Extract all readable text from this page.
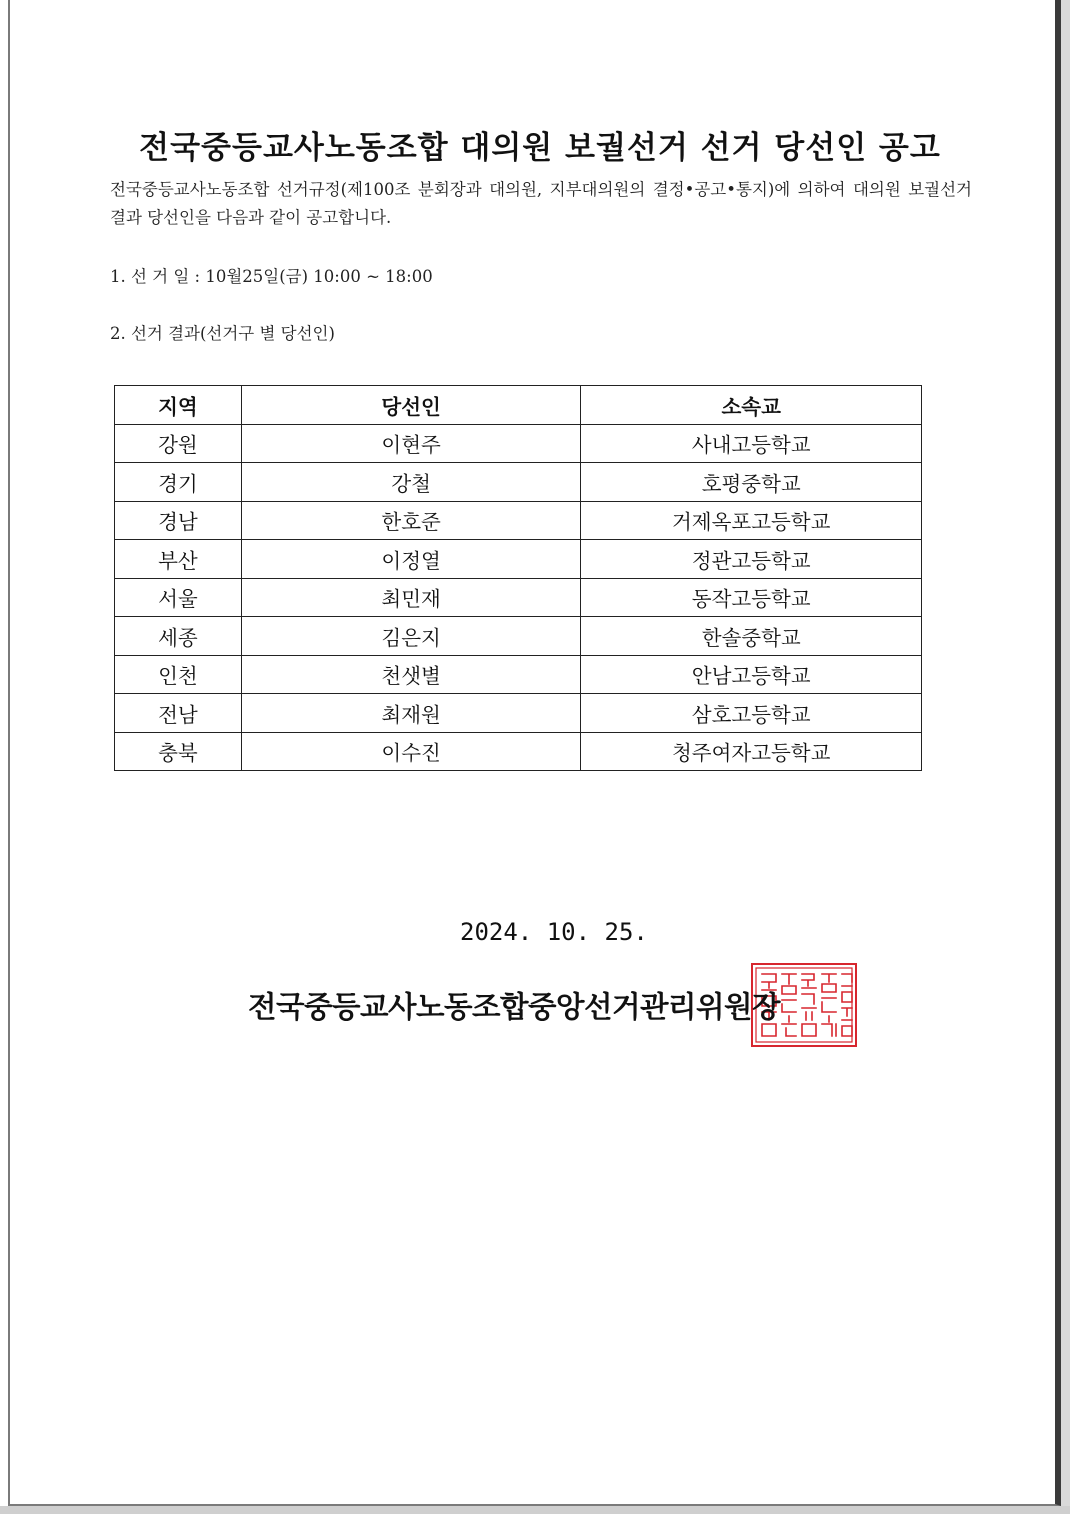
전국중등교사노동조합 대의원 보궐선거 선거 당선인 공고
전국중등교사노동조합 선거규정(제100조 분회장과 대의원, 지부대의원의 결정•공고•통지)에 의하여 대의원 보궐선거 결과 당선인을 다음과 같이 공고합니다.
1. 선 거 일 : 10월25일(금) 10:00 ~ 18:00
2. 선거 결과(선거구 별 당선인)
지역	당선인	소속교
강원	이현주	사내고등학교
경기	강철	호평중학교
경남	한호준	거제옥포고등학교
부산	이정열	정관고등학교
서울	최민재	동작고등학교
세종	김은지	한솔중학교
인천	천샛별	안남고등학교
전남	최재원	삼호고등학교
충북	이수진	청주여자고등학교
2024. 10. 25.
전국중등교사노동조합중앙선거관리위원장
